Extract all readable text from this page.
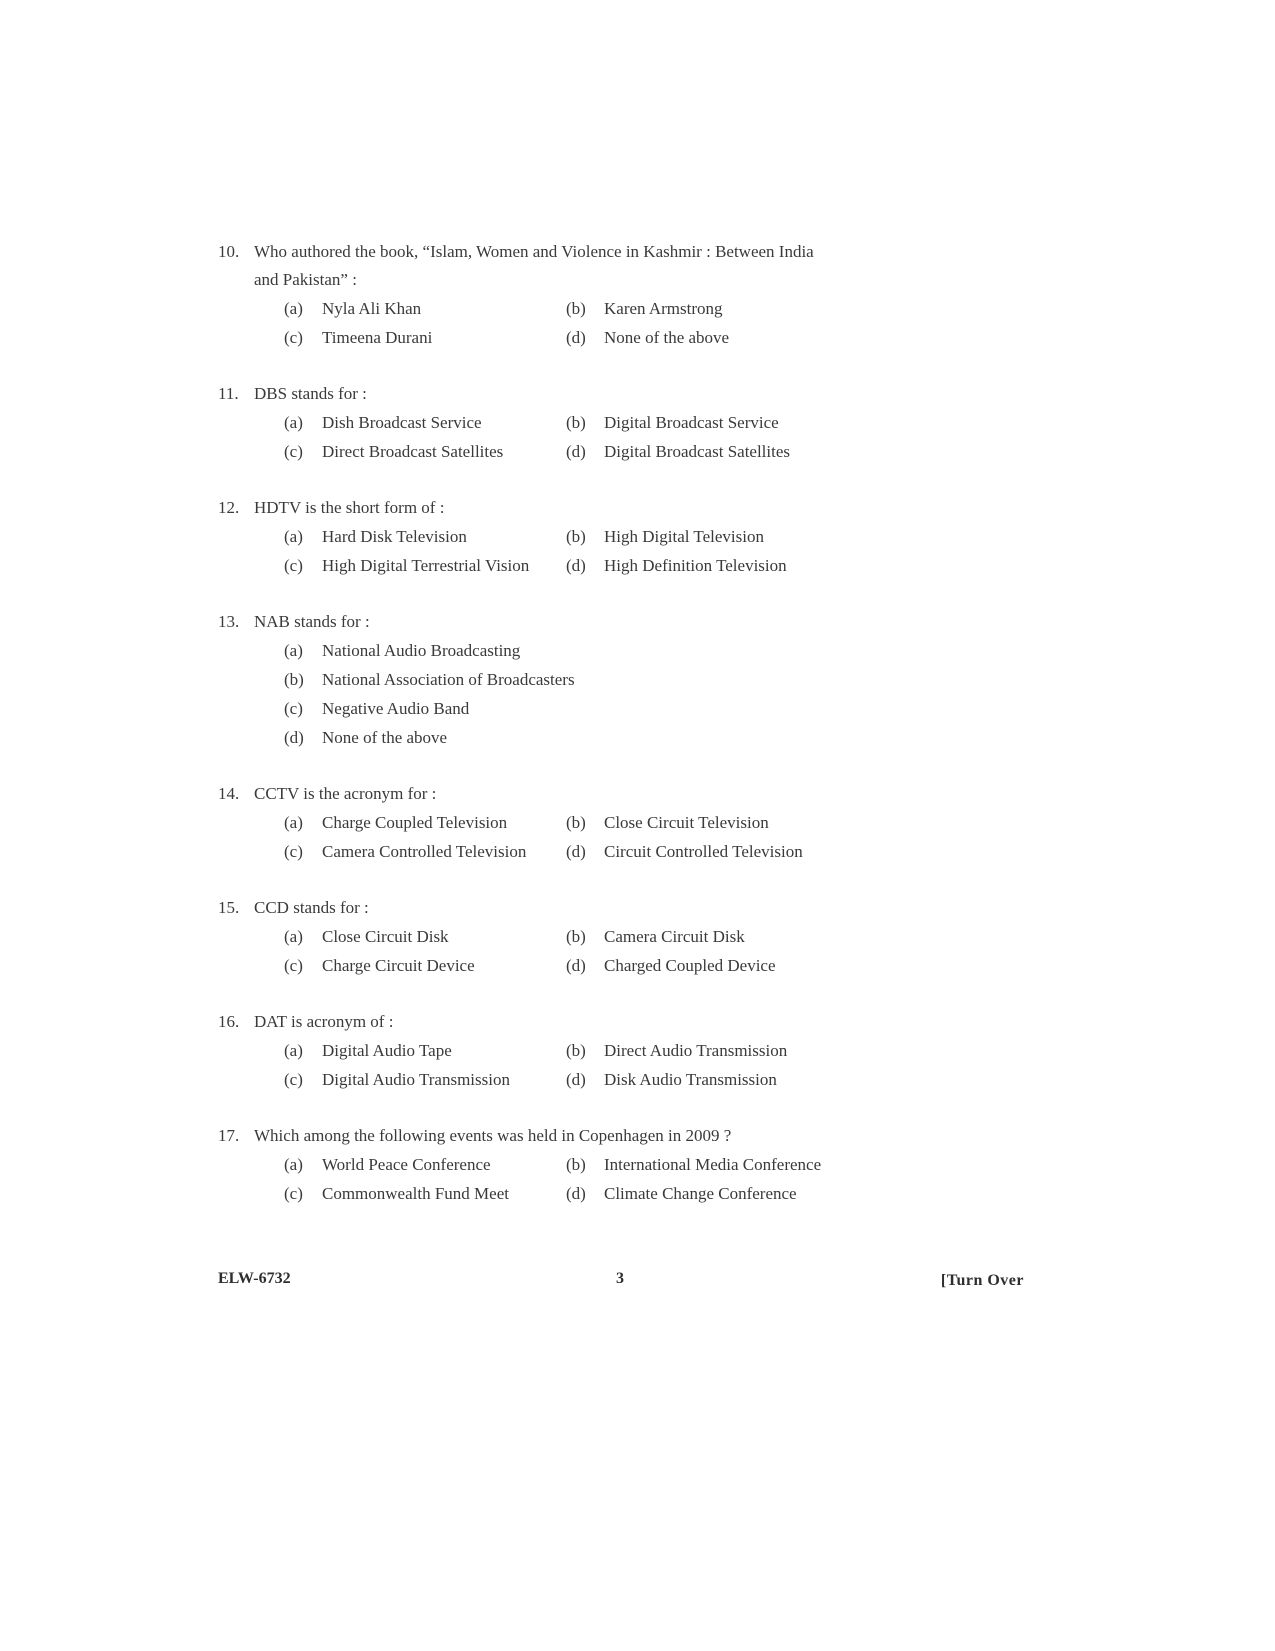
10. Who authored the book, “Islam, Women and Violence in Kashmir : Between India and Pakistan” :
(a)	Nyla Ali Khan	(b)	Karen Armstrong
(c)	Timeena Durani	(d)	None of the above
11. DBS stands for :
(a)	Dish Broadcast Service	(b)	Digital Broadcast Service
(c)	Direct Broadcast Satellites	(d)	Digital Broadcast Satellites
12. HDTV is the short form of :
(a)	Hard Disk Television	(b)	High Digital Television
(c)	High Digital Terrestrial Vision (d)	High Definition Television
13. NAB stands for :
(a)	National Audio Broadcasting
(b)	National Association of Broadcasters
(c)	Negative Audio Band
(d)	None of the above
14. CCTV is the acronym for :
(a)	Charge Coupled Television	(b)	Close Circuit Television
(c)	Camera Controlled Television (d)	Circuit Controlled Television
15. CCD stands for :
(a)	Close Circuit Disk	(b)	Camera Circuit Disk
(c)	Charge Circuit Device	(d)	Charged Coupled Device
16. DAT is acronym of :
(a)	Digital Audio Tape	(b)	Direct Audio Transmission
(c)	Digital Audio Transmission	(d)	Disk Audio Transmission
17. Which among the following events was held in Copenhagen in 2009 ?
(a)	World Peace Conference	(b)	International Media Conference
(c)	Commonwealth Fund Meet	(d)	Climate Change Conference
ELW-6732	3	[Turn Over
